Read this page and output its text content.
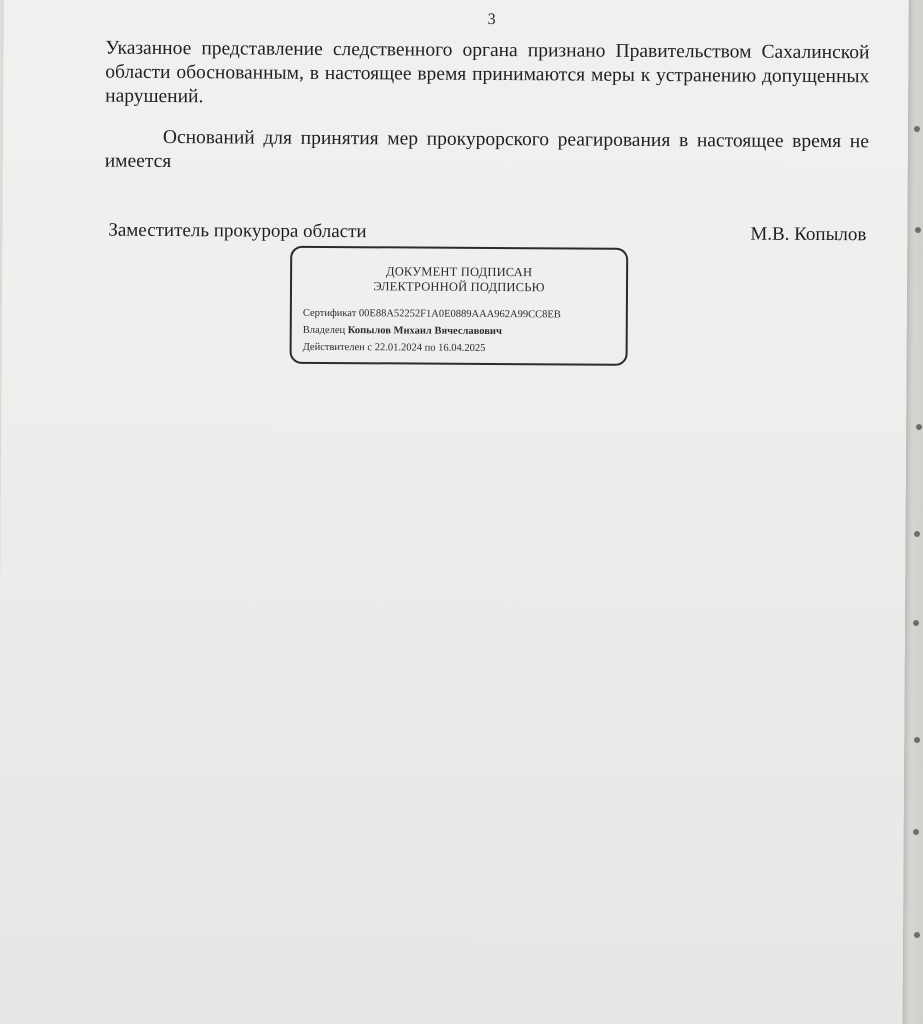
3

Указанное представление следственного органа признано Правительством Сахалинской области обоснованным, в настоящее время принимаются меры к устранению допущенных нарушений.

Оснований для принятия мер прокурорского реагирования в настоящее время не имеется

Заместитель прокурора области	М.В. Копылов
ДОКУМЕНТ ПОДПИСАН
ЭЛЕКТРОННОЙ ПОДПИСЬЮ
Сертификат 00E88A52252F1A0E0889AAA962A99CC8EB
Владелец Копылов Михаил Вячеславович
Действителен с 22.01.2024 по 16.04.2025
